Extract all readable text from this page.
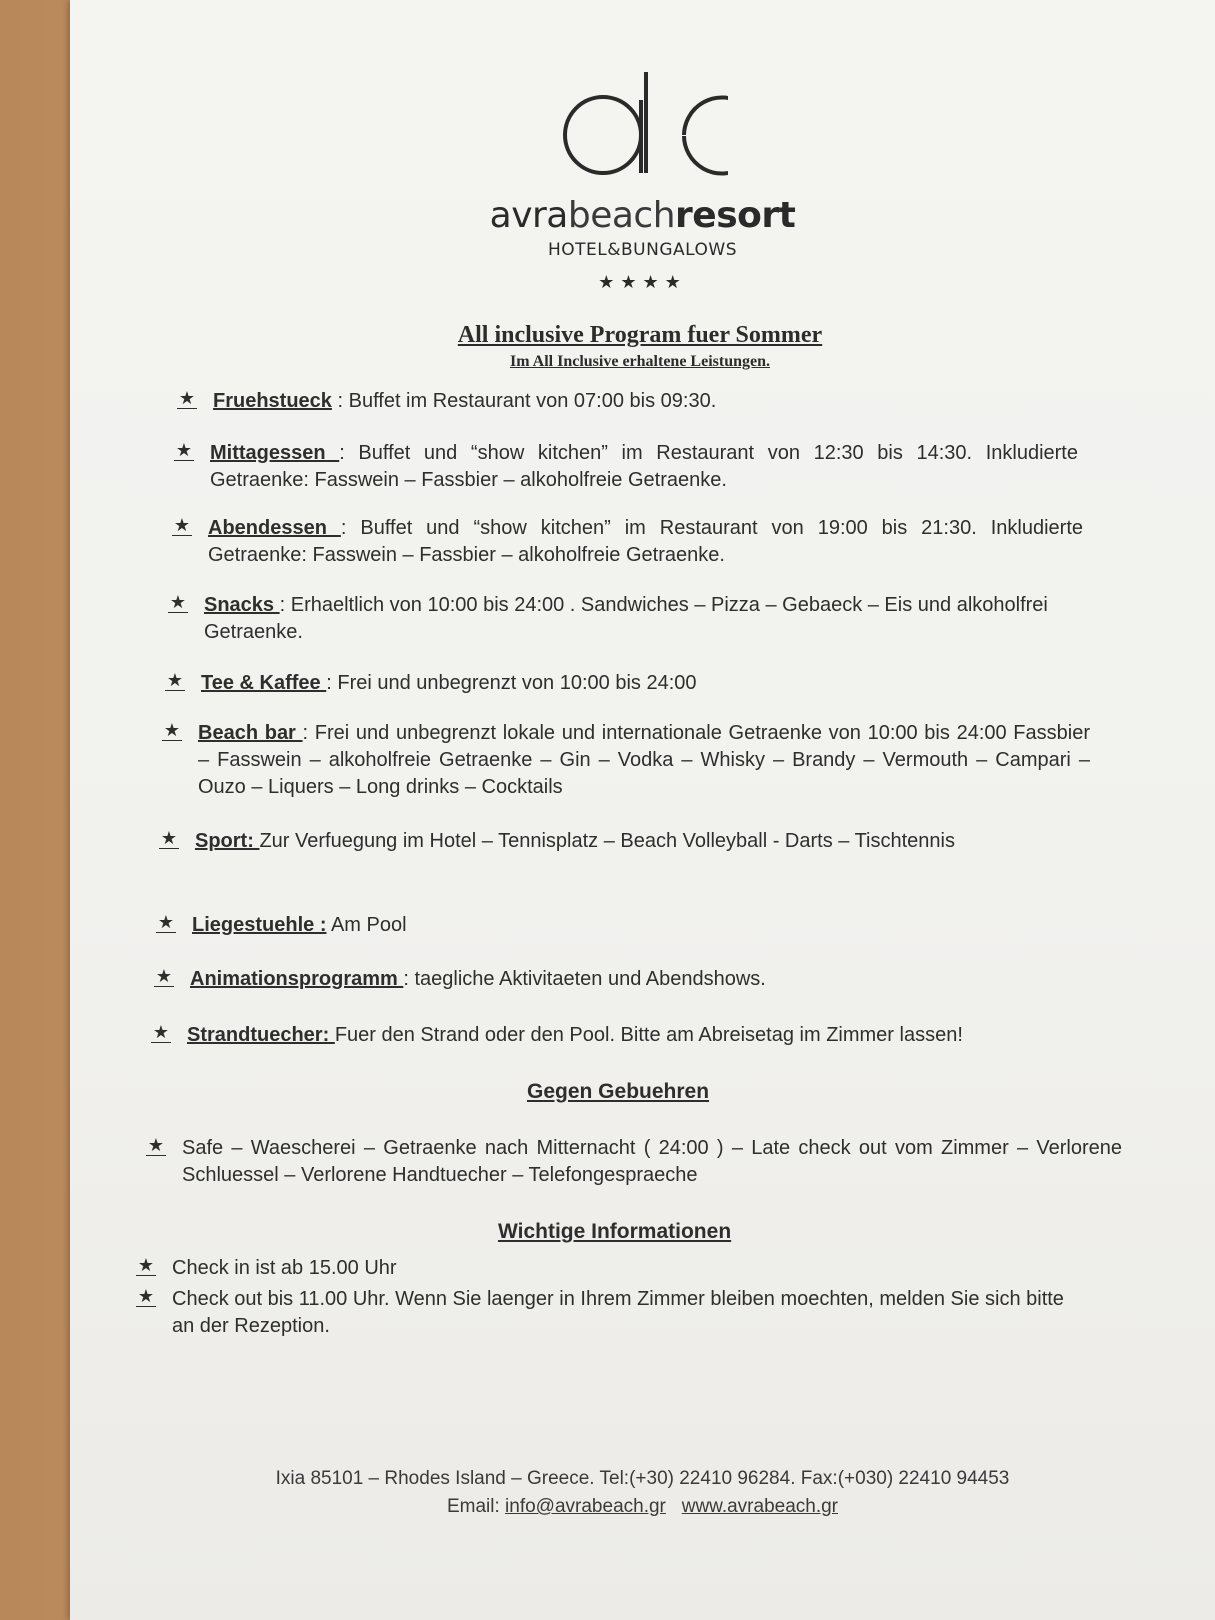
avrabeachresort
HOTEL&BUNGALOWS
★★★★
All inclusive Program fuer Sommer
Im All Inclusive erhaltene Leistungen.
★ Fruehstueck : Buffet im Restaurant von 07:00 bis 09:30.
★ Mittagessen : Buffet und “show kitchen” im Restaurant von 12:30 bis 14:30. Inkludierte Getraenke: Fasswein – Fassbier – alkoholfreie Getraenke.
★ Abendessen : Buffet und “show kitchen” im Restaurant von 19:00 bis 21:30. Inkludierte Getraenke: Fasswein – Fassbier – alkoholfreie Getraenke.
★ Snacks : Erhaeltlich von 10:00 bis 24:00 . Sandwiches – Pizza – Gebaeck – Eis und alkoholfrei Getraenke.
★ Tee & Kaffee : Frei und unbegrenzt von 10:00 bis 24:00
★ Beach bar : Frei und unbegrenzt lokale und internationale Getraenke von 10:00 bis 24:00 Fassbier – Fasswein – alkoholfreie Getraenke – Gin – Vodka – Whisky – Brandy – Vermouth – Campari – Ouzo – Liquers – Long drinks – Cocktails
★ Sport: Zur Verfuegung im Hotel – Tennisplatz – Beach Volleyball - Darts – Tischtennis
★ Liegestuehle : Am Pool
★ Animationsprogramm : taegliche Aktivitaeten und Abendshows.
★ Strandtuecher: Fuer den Strand oder den Pool. Bitte am Abreisetag im Zimmer lassen!
Gegen Gebuehren
★ Safe – Waescherei – Getraenke nach Mitternacht ( 24:00 ) – Late check out vom Zimmer – Verlorene Schluessel – Verlorene Handtuecher – Telefongespraeche
Wichtige Informationen
★ Check in ist ab 15.00 Uhr
★ Check out bis 11.00 Uhr. Wenn Sie laenger in Ihrem Zimmer bleiben moechten, melden Sie sich bitte an der Rezeption.
Ixia 85101 – Rhodes Island – Greece. Tel:(+30) 22410 96284. Fax:(+030) 22410 94453
Email: info@avrabeach.gr www.avrabeach.gr
